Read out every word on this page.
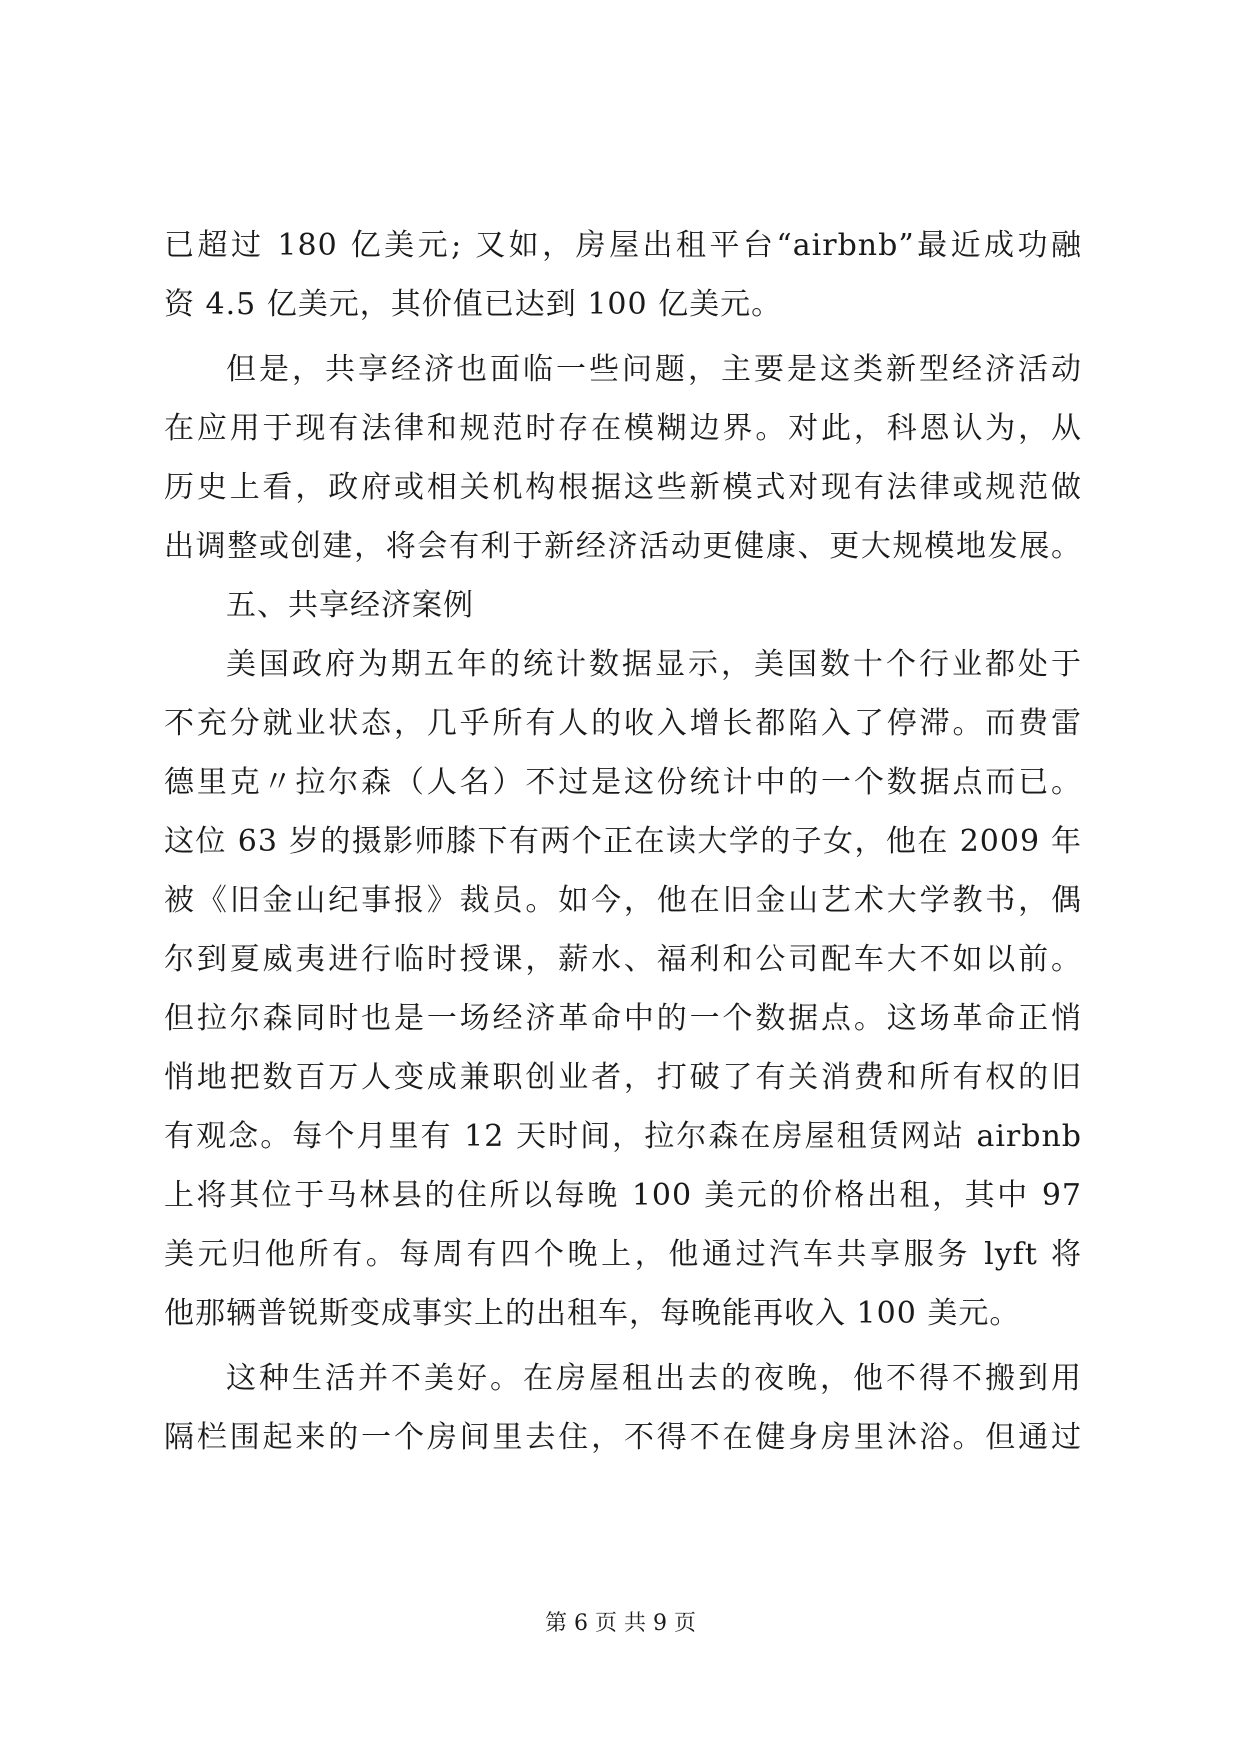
已超过 180 亿美元; 又如，房屋出租平台“airbnb”最近成功融
资 4.5 亿美元，其价值已达到 100 亿美元。
但是，共享经济也面临一些问题，主要是这类新型经济活动
在应用于现有法律和规范时存在模糊边界。对此，科恩认为，从
历史上看，政府或相关机构根据这些新模式对现有法律或规范做
出调整或创建，将会有利于新经济活动更健康、更大规模地发展。
五、共享经济案例
美国政府为期五年的统计数据显示，美国数十个行业都处于
不充分就业状态，几乎所有人的收入增长都陷入了停滞。而费雷
德里克〃拉尔森（人名）不过是这份统计中的一个数据点而已。
这位 63 岁的摄影师膝下有两个正在读大学的子女，他在 2009 年
被《旧金山纪事报》裁员。如今，他在旧金山艺术大学教书，偶
尔到夏威夷进行临时授课，薪水、福利和公司配车大不如以前。
但拉尔森同时也是一场经济革命中的一个数据点。这场革命正悄
悄地把数百万人变成兼职创业者，打破了有关消费和所有权的旧
有观念。每个月里有 12 天时间，拉尔森在房屋租赁网站 airbnb
上将其位于马林县的住所以每晚 100 美元的价格出租，其中 97
美元归他所有。每周有四个晚上，他通过汽车共享服务 lyft 将
他那辆普锐斯变成事实上的出租车，每晚能再收入 100 美元。
这种生活并不美好。在房屋租出去的夜晚，他不得不搬到用
隔栏围起来的一个房间里去住，不得不在健身房里沐浴。但通过
第 6 页 共 9 页
